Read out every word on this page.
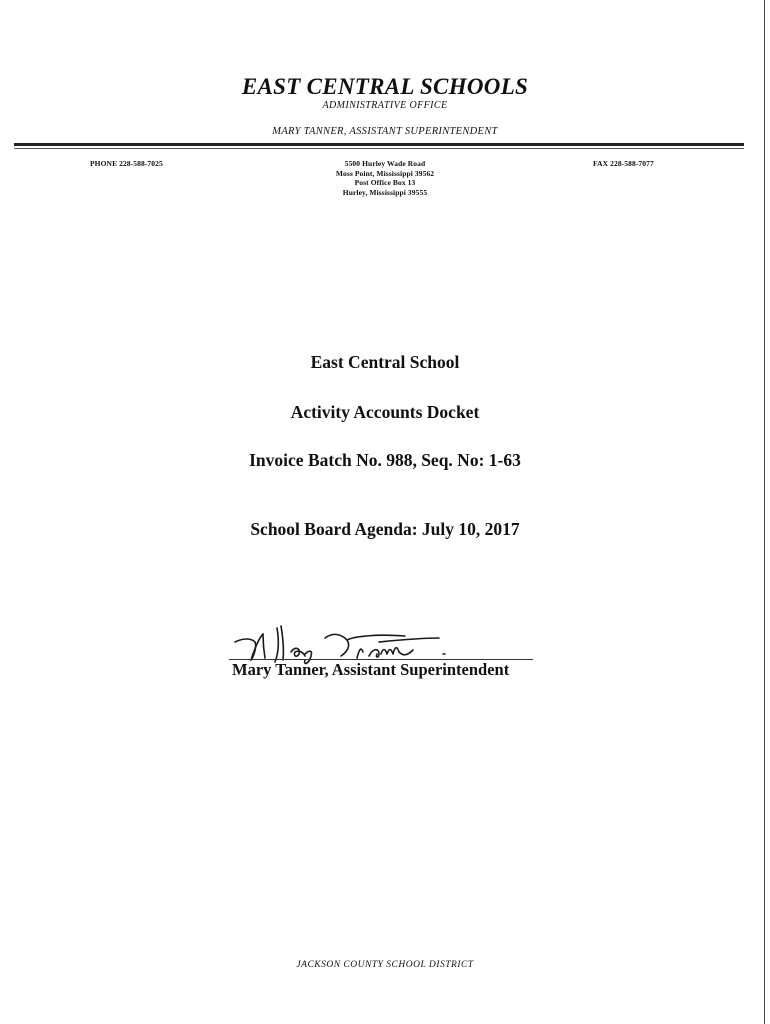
EAST CENTRAL SCHOOLS
ADMINISTRATIVE OFFICE
MARY TANNER, ASSISTANT SUPERINTENDENT
PHONE 228-588-7025	5500 Hurley Wade Road
Moss Point, Mississippi 39562
Post Office Box 13
Hurley, Mississippi 39555
FAX 228-588-7077
East Central School
Activity Accounts Docket
Invoice Batch No. 988, Seq. No: 1-63
School Board Agenda: July 10, 2017
Mary Tanner, Assistant Superintendent
JACKSON COUNTY SCHOOL DISTRICT
